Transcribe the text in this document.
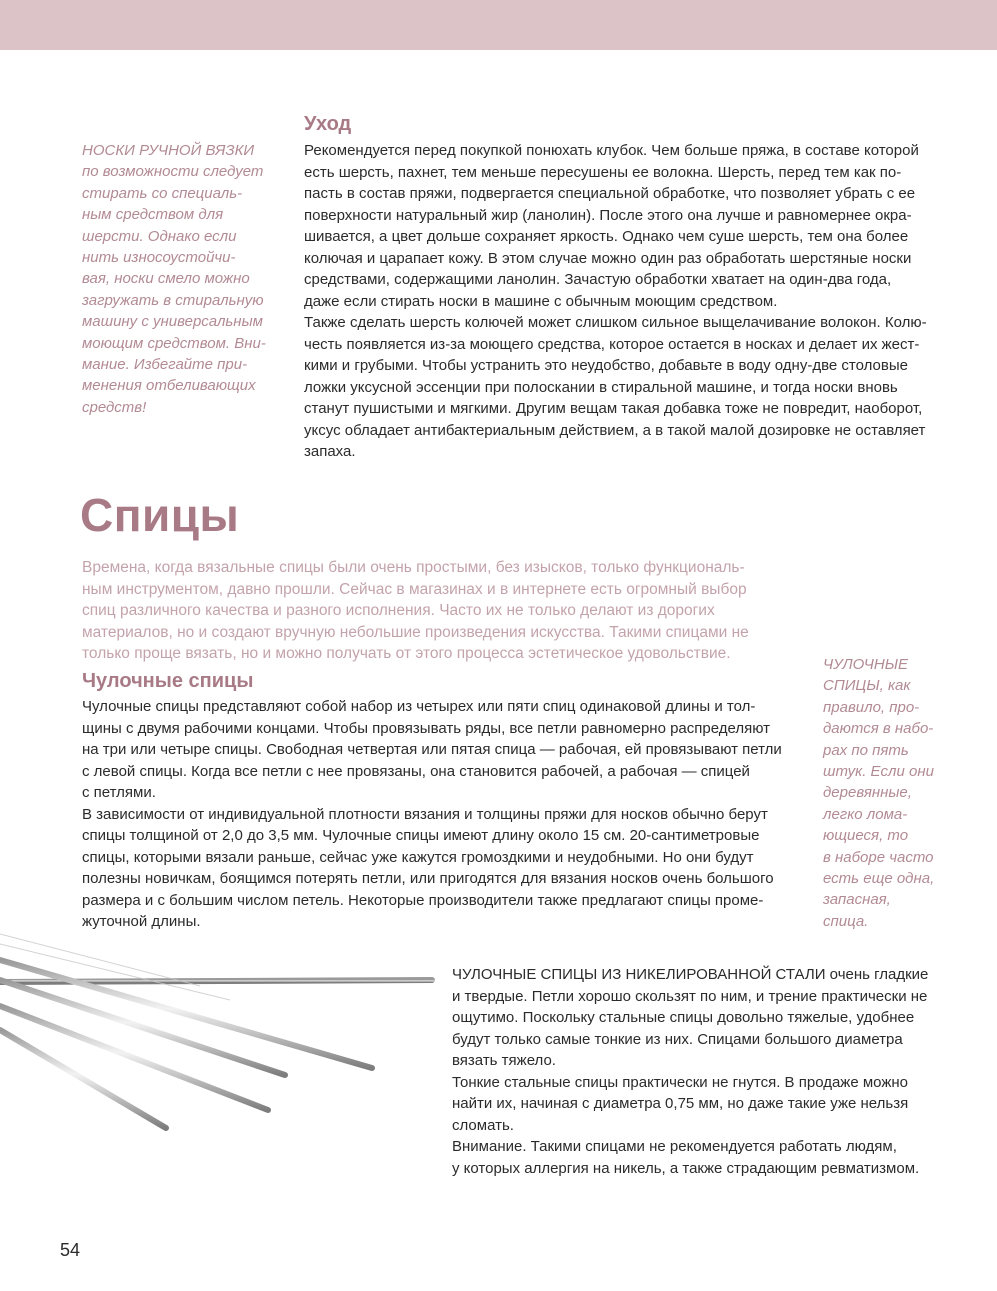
НОСКИ РУЧНОЙ ВЯЗКИ
по возможности следует
стирать со специаль-
ным средством для
шерсти. Однако если
нить износоустойчи-
вая, носки смело можно
загружать в стиральную
машину с универсальным
моющим средством. Вни-
мание. Избегайте при-
менения отбеливающих
средств!
Уход

Рекомендуется перед покупкой понюхать клубок. Чем больше пряжа, в составе которой
есть шерсть, пахнет, тем меньше пересушены ее волокна. Шерсть, перед тем как по-
пасть в состав пряжи, подвергается специальной обработке, что позволяет убрать с ее
поверхности натуральный жир (ланолин). После этого она лучше и равномернее окра-
шивается, а цвет дольше сохраняет яркость. Однако чем суше шерсть, тем она более
колючая и царапает кожу. В этом случае можно один раз обработать шерстяные носки
средствами, содержащими ланолин. Зачастую обработки хватает на один-два года,
даже если стирать носки в машине с обычным моющим средством.

Также сделать шерсть колючей может слишком сильное выщелачивание волокон. Колю-
честь появляется из-за моющего средства, которое остается в носках и делает их жест-
кими и грубыми. Чтобы устранить это неудобство, добавьте в воду одну-две столовые
ложки уксусной эссенции при полоскании в стиральной машине, и тогда носки вновь
станут пушистыми и мягкими. Другим вещам такая добавка тоже не повредит, наоборот,
уксус обладает антибактериальным действием, а в такой малой дозировке не оставляет
запаха.

Спицы
Времена, когда вязальные спицы были очень простыми, без изысков, только функциональ-
ным инструментом, давно прошли. Сейчас в магазинах и в интернете есть огромный выбор
спиц различного качества и разного исполнения. Часто их не только делают из дорогих
материалов, но и создают вручную небольшие произведения искусства. Такими спицами не
только проще вязать, но и можно получать от этого процесса эстетическое удовольствие.
Чулочные спицы

Чулочные спицы представляют собой набор из четырех или пяти спиц одинаковой длины и тол-
щины с двумя рабочими концами. Чтобы провязывать ряды, все петли равномерно распределяют
на три или четыре спицы. Свободная четвертая или пятая спица — рабочая, ей провязывают петли
с левой спицы. Когда все петли с нее провязаны, она становится рабочей, а рабочая — спицей
с петлями.

В зависимости от индивидуальной плотности вязания и толщины пряжи для носков обычно берут
спицы толщиной от 2,0 до 3,5 мм. Чулочные спицы имеют длину около 15 см. 20-сантиметровые
спицы, которыми вязали раньше, сейчас уже кажутся громоздкими и неудобными. Но они будут
полезны новичкам, боящимся потерять петли, или пригодятся для вязания носков очень большого
размера и с большим числом петель. Некоторые производители также предлагают спицы проме-
жуточной длины.

ЧУЛОЧНЫЕ
СПИЦЫ, как
правило, про-
даются в набо-
рах по пять
штук. Если они
деревянные,
легко лома-
ющиеся, то
в наборе часто
есть еще одна,
запасная,
спица.

ЧУЛОЧНЫЕ СПИЦЫ ИЗ НИКЕЛИРОВАННОЙ СТАЛИ очень гладкие
и твердые. Петли хорошо скользят по ним, и трение практически не
ощутимо. Поскольку стальные спицы довольно тяжелые, удобнее
будут только самые тонкие из них. Спицами большого диаметра
вязать тяжело.

Тонкие стальные спицы практически не гнутся. В продаже можно
найти их, начиная с диаметра 0,75 мм, но даже такие уже нельзя
сломать.

Внимание. Такими спицами не рекомендуется работать людям,
у которых аллергия на никель, а также страдающим ревматизмом.

54
